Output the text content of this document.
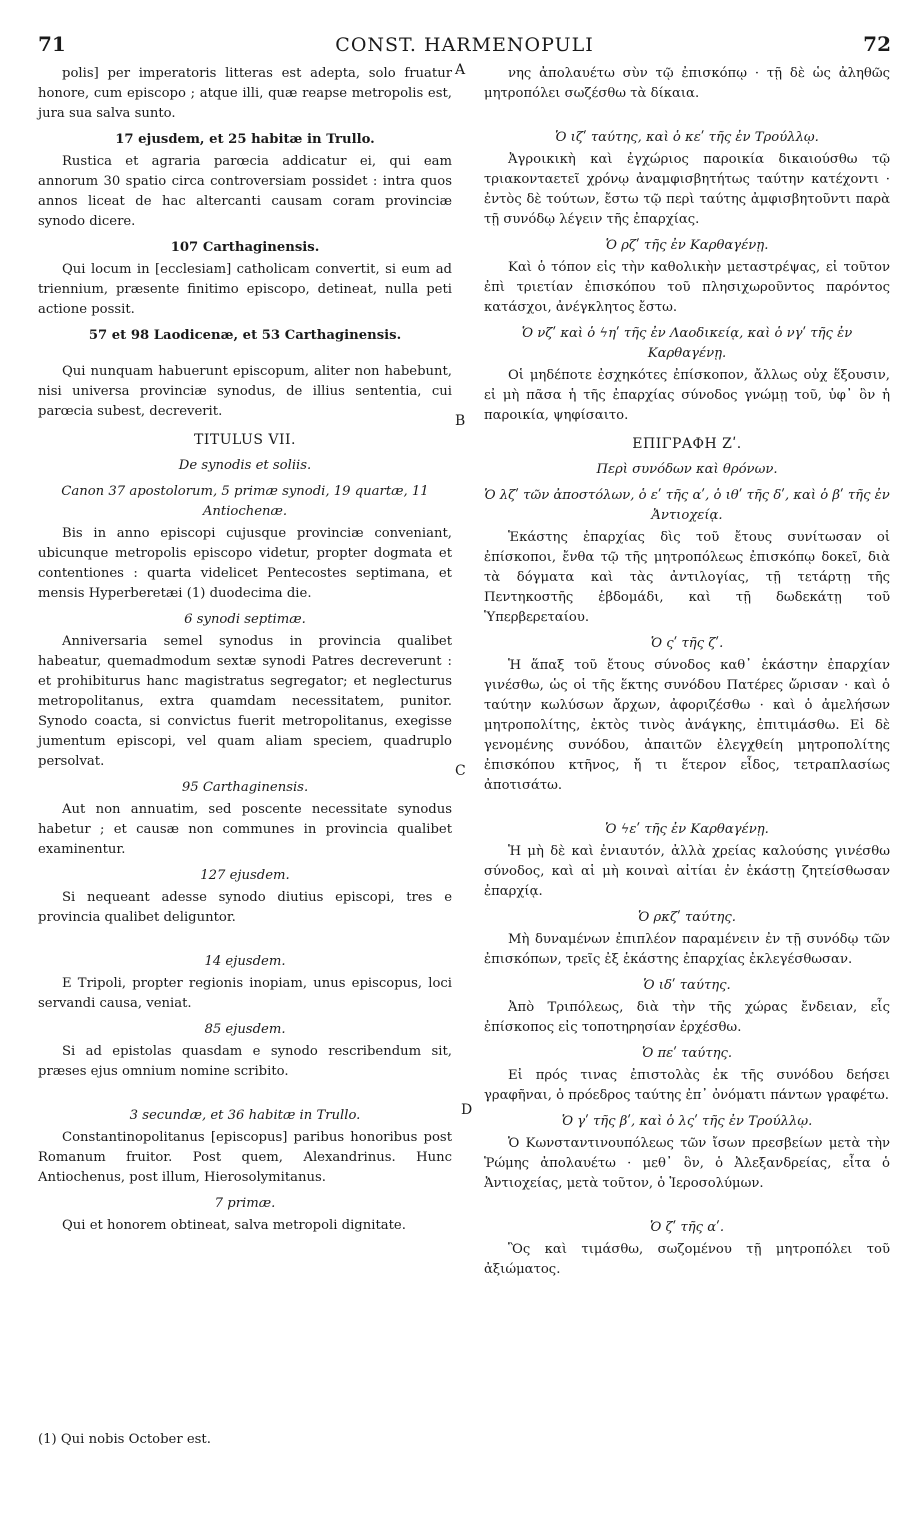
71	CONST. HARMENOPULI	72

polis] per imperatoris litteras est adepta, solo fruatur honore, cum episcopo ; atque illi, quæ reapse metropolis est, jura sua salva sunto.

17 ejusdem, et 25 habitæ in Trullo.

Rustica et agraria parœcia addicatur ei, qui eam annorum 30 spatio circa controversiam possidet : intra quos annos liceat de hac altercanti causam coram provinciæ synodo dicere.

107 Carthaginensis.

Qui locum in [ecclesiam] catholicam convertit, si eum ad triennium, præsente finitimo episcopo, detineat, nulla peti actione possit.

57 et 98 Laodicenæ, et 53 Carthaginensis.

Qui nunquam habuerunt episcopum, aliter non habebunt, nisi universa provinciæ synodus, de illius sententia, cui parœcia subest, decreverit.

TITULUS VII.
De synodis et soliis.
Canon 37 apostolorum, 5 primæ synodi, 19 quartæ, 11 Antiochenæ.

Bis in anno episcopi cujusque provinciæ conveniant, ubicunque metropolis episcopo videtur, propter dogmata et contentiones : quarta videlicet Pentecostes septimana, et mensis Hyperberetæi (1) duodecima die.

6 synodi septimæ.

Anniversaria semel synodus in provincia qualibet habeatur, quemadmodum sextæ synodi Patres decreverunt : et prohibiturus hanc magistratus segregator; et neglecturus metropolitanus, extra quamdam necessitatem, punitor. Synodo coacta, si convictus fuerit metropolitanus, exegisse jumentum episcopi, vel quam aliam speciem, quadruplo persolvat.

95 Carthaginensis.

Aut non annuatim, sed poscente necessitate synodus habetur ; et causæ non communes in provincia qualibet examinentur.

127 ejusdem.

Si nequeant adesse synodo diutius episcopi, tres e provincia qualibet deliguntor.

14 ejusdem.

E Tripoli, propter regionis inopiam, unus episcopus, loci servandi causa, veniat.

85 ejusdem.

Si ad epistolas quasdam e synodo rescribendum sit, præses ejus omnium nomine scribito.

3 secundæ, et 36 habitæ in Trullo.

Constantinopolitanus [episcopus] paribus honoribus post Romanum fruitor. Post quem, Alexandrinus. Hunc Antiochenus, post illum, Hierosolymitanus.

7 primæ.

Qui et honorem obtineat, salva metropoli dignitate.

νης ἀπολαυέτω σὺν τῷ ἐπισκόπῳ · τῇ δὲ ὡς ἀληθῶς μητροπόλει σωζέσθω τὰ δίκαια.

Ὁ ιζʹ ταύτης, καὶ ὁ κεʹ τῆς ἐν Τρούλλῳ.

Ἀγροικικὴ καὶ ἐγχώριος παροικία δικαιούσθω τῷ τριακονταετεῖ χρόνῳ ἀναμφισβητήτως ταύτην κατέχοντι · ἐντὸς δὲ τούτων, ἔστω τῷ περὶ ταύτης ἀμφισβητοῦντι παρὰ τῇ συνόδῳ λέγειν τῆς ἐπαρχίας.

Ὁ ρζʹ τῆς ἐν Καρθαγένῃ.

Καὶ ὁ τόπον εἰς τὴν καθολικὴν μεταστρέψας, εἰ τοῦτον ἐπὶ τριετίαν ἐπισκόπου τοῦ πλησιχωροῦντος παρόντος κατάσχοι, ἀνέγκλητος ἔστω.

Ὁ νζʹ καὶ ὁ ϟηʹ τῆς ἐν Λαοδικείᾳ, καὶ ὁ νγʹ τῆς ἐν Καρθαγένῃ.

Οἱ μηδέποτε ἐσχηκότες ἐπίσκοπον, ἄλλως οὐχ ἕξουσιν, εἰ μὴ πᾶσα ἡ τῆς ἐπαρχίας σύνοδος γνώμῃ τοῦ, ὑφ᾽ ὃν ἡ παροικία, ψηφίσαιτο.

ΕΠΙΓΡΑΦΗ Ζʹ.
Περὶ συνόδων καὶ θρόνων.
Ὁ λζʹ τῶν ἀποστόλων, ὁ εʹ τῆς αʹ, ὁ ιθʹ τῆς δʹ, καὶ ὁ βʹ τῆς ἐν Ἀντιοχείᾳ.

Ἑκάστης ἐπαρχίας δὶς τοῦ ἔτους συνίτωσαν οἱ ἐπίσκοποι, ἔνθα τῷ τῆς μητροπόλεως ἐπισκόπῳ δοκεῖ, διὰ τὰ δόγματα καὶ τὰς ἀντιλογίας, τῇ τετάρτῃ τῆς Πεντηκοστῆς ἑβδομάδι, καὶ τῇ δωδεκάτῃ τοῦ Ὑπερβερεταίου.

Ὁ ςʹ τῆς ζʹ.

Ἡ ἅπαξ τοῦ ἔτους σύνοδος καθ᾽ ἑκάστην ἐπαρχίαν γινέσθω, ὡς οἱ τῆς ἕκτης συνόδου Πατέρες ὥρισαν · καὶ ὁ ταύτην κωλύσων ἄρχων, ἀφοριζέσθω · καὶ ὁ ἀμελήσων μητροπολίτης, ἐκτὸς τινὸς ἀνάγκης, ἐπιτιμάσθω. Εἰ δὲ γενομένης συνόδου, ἀπαιτῶν ἐλεγχθείη μητροπολίτης ἐπισκόπου κτῆνος, ἤ τι ἕτερον εἶδος, τετραπλασίως ἀποτισάτω.

Ὁ ϟεʹ τῆς ἐν Καρθαγένῃ.

Ἡ μὴ δὲ καὶ ἐνιαυτόν, ἀλλὰ χρείας καλούσης γινέσθω σύνοδος, καὶ αἱ μὴ κοιναὶ αἰτίαι ἐν ἑκάστῃ ζητείσθωσαν ἐπαρχίᾳ.

Ὁ ρκζʹ ταύτης.

Μὴ δυναμένων ἐπιπλέον παραμένειν ἐν τῇ συνόδῳ τῶν ἐπισκόπων, τρεῖς ἐξ ἑκάστης ἐπαρχίας ἐκλεγέσθωσαν.

Ὁ ιδʹ ταύτης.

Ἀπὸ Τριπόλεως, διὰ τὴν τῆς χώρας ἔνδειαν, εἷς ἐπίσκοπος εἰς τοποτηρησίαν ἐρχέσθω.

Ὁ πεʹ ταύτης.

Εἰ πρός τινας ἐπιστολὰς ἐκ τῆς συνόδου δεήσει γραφῆναι, ὁ πρόεδρος ταύτης ἐπ᾽ ὀνόματι πάντων γραφέτω.

Ὁ γʹ τῆς βʹ, καὶ ὁ λςʹ τῆς ἐν Τρούλλῳ.

Ὁ Κωνσταντινουπόλεως τῶν ἴσων πρεσβείων μετὰ τὴν Ῥώμης ἀπολαυέτω · μεθ᾽ ὃν, ὁ Ἀλεξανδρείας, εἶτα ὁ Ἀντιοχείας, μετὰ τοῦτον, ὁ Ἱεροσολύμων.

Ὁ ζʹ τῆς αʹ.

Ὃς καὶ τιμάσθω, σωζομένου τῇ μητροπόλει τοῦ ἀξιώματος.

A
B
C
D
(1) Qui nobis October est.
